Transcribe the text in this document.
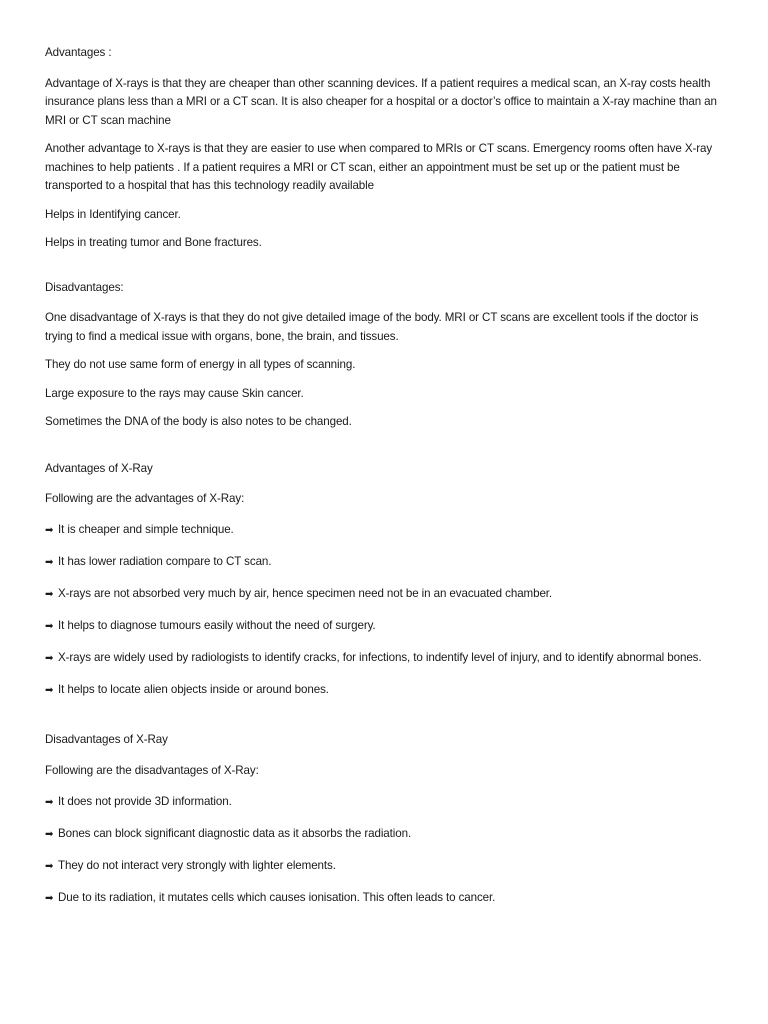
Advantages :
Advantage of X-rays is that they are cheaper than other scanning devices. If a patient requires a medical scan, an X-ray costs health insurance plans less than a MRI or a CT scan. It is also cheaper for a hospital or a doctor’s office to maintain a X-ray machine than an MRI or CT scan machine
Another advantage to X-rays is that they are easier to use when compared to MRIs or CT scans. Emergency rooms often have X-ray machines to help patients . If a patient requires a MRI or CT scan, either an appointment must be set up or the patient must be transported to a hospital that has this technology readily available
Helps in Identifying cancer.
Helps in treating tumor and Bone fractures.
Disadvantages:
One disadvantage of X-rays is that they do not give detailed image of the body. MRI or CT scans are excellent tools if the doctor is trying to find a medical issue with organs, bone, the brain, and tissues.
They do not use same form of energy in all types of scanning.
Large exposure to the rays may cause Skin cancer.
Sometimes the DNA of the body is also notes to be changed.
Advantages of X-Ray
Following are the advantages of X-Ray:
➡ It is cheaper and simple technique.
➡ It has lower radiation compare to CT scan.
➡ X-rays are not absorbed very much by air, hence specimen need not be in an evacuated chamber.
➡ It helps to diagnose tumours easily without the need of surgery.
➡ X-rays are widely used by radiologists to identify cracks, for infections, to indentify level of injury, and to identify abnormal bones.
➡ It helps to locate alien objects inside or around bones.
Disadvantages of X-Ray
Following are the disadvantages of X-Ray:
➡ It does not provide 3D information.
➡ Bones can block significant diagnostic data as it absorbs the radiation.
➡ They do not interact very strongly with lighter elements.
➡ Due to its radiation, it mutates cells which causes ionisation. This often leads to cancer.
